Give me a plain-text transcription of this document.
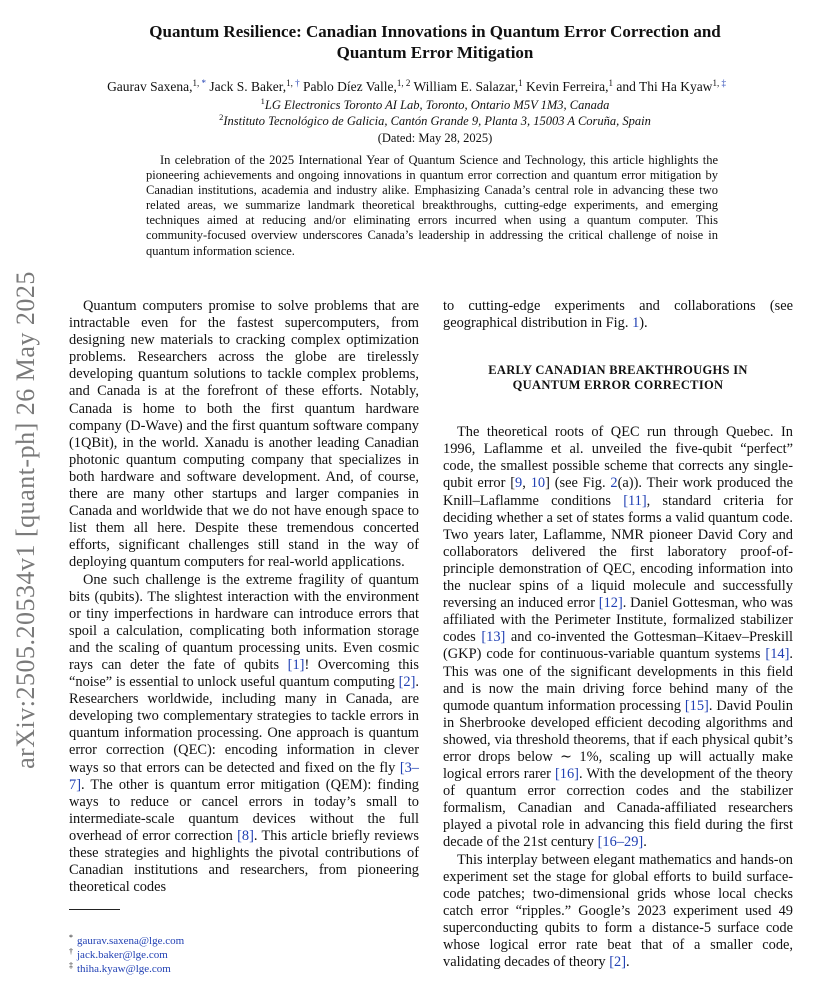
arXiv:2505.20534v1 [quant-ph] 26 May 2025
Quantum Resilience: Canadian Innovations in Quantum Error Correction and
Quantum Error Mitigation
Gaurav Saxena,$^{1, *}$ Jack S. Baker,$^{1, \dagger}$ Pablo Díez Valle,$^{1, 2}$ William E. Salazar,$^1$ Kevin Ferreira,$^1$ and Thi Ha Kyaw$^{1, \ddagger}$
$^1$LG Electronics Toronto AI Lab, Toronto, Ontario M5V 1M3, Canada
$^2$Instituto Tecnológico de Galicia, Cantón Grande 9, Planta 3, 15003 A Coruña, Spain
(Dated: May 28, 2025)
In celebration of the 2025 International Year of Quantum Science and Technology, this article highlights the pioneering achievements and ongoing innovations in quantum error correction and quantum error mitigation by Canadian institutions, academia and industry alike. Emphasizing Canada’s central role in advancing these two related areas, we summarize landmark theoretical breakthroughs, cutting-edge experiments, and emerging techniques aimed at reducing and/or eliminating errors incurred when using a quantum computer. This community-focused overview underscores Canada’s leadership in addressing the critical challenge of noise in quantum information science.

Quantum computers promise to solve problems that are intractable even for the fastest supercomputers, from designing new materials to cracking complex optimization problems. Researchers across the globe are tirelessly developing quantum solutions to tackle complex problems, and Canada is at the forefront of these efforts. Notably, Canada is home to both the first quantum hardware company (D-Wave) and the first quantum software company (1QBit), in the world. Xanadu is another leading Canadian photonic quantum computing company that specializes in both hardware and software development. And, of course, there are many other startups and larger companies in Canada and worldwide that we do not have enough space to list them all here. Despite these tremendous concerted efforts, significant challenges still stand in the way of deploying quantum computers for real-world applications.

One such challenge is the extreme fragility of quantum bits (qubits). The slightest interaction with the environment or tiny imperfections in hardware can introduce errors that spoil a calculation, complicating both information storage and the scaling of quantum processing units. Even cosmic rays can deter the fate of qubits [1]! Overcoming this “noise” is essential to unlock useful quantum computing [2]. Researchers worldwide, including many in Canada, are developing two complementary strategies to tackle errors in quantum information processing. One approach is quantum error correction (QEC): encoding information in clever ways so that errors can be detected and fixed on the fly [3–7]. The other is quantum error mitigation (QEM): finding ways to reduce or cancel errors in today’s small to intermediate-scale quantum devices without the full overhead of error correction [8]. This article briefly reviews these strategies and highlights the pivotal contributions of Canadian institutions and researchers, from pioneering theoretical codes

to cutting-edge experiments and collaborations (see geographical distribution in Fig. 1).

EARLY CANADIAN BREAKTHROUGHS IN
QUANTUM ERROR CORRECTION

The theoretical roots of QEC run through Quebec. In 1996, Laflamme et al. unveiled the five-qubit “perfect” code, the smallest possible scheme that corrects any single-qubit error [9, 10] (see Fig. 2(a)). Their work produced the Knill–Laflamme conditions [11], standard criteria for deciding whether a set of states forms a valid quantum code. Two years later, Laflamme, NMR pioneer David Cory and collaborators delivered the first laboratory proof-of-principle demonstration of QEC, encoding information into the nuclear spins of a liquid molecule and successfully reversing an induced error [12]. Daniel Gottesman, who was affiliated with the Perimeter Institute, formalized stabilizer codes [13] and co-invented the Gottesman–Kitaev–Preskill (GKP) code for continuous-variable quantum systems [14]. This was one of the significant developments in this field and is now the main driving force behind many of the qumode quantum information processing [15]. David Poulin in Sherbrooke developed efficient decoding algorithms and showed, via threshold theorems, that if each physical qubit’s error drops below ∼ 1%, scaling up will actually make logical errors rarer [16]. With the development of the theory of quantum error correction codes and the stabilizer formalism, Canadian and Canada-affiliated researchers played a pivotal role in advancing this field during the first decade of the 21st century [16–29].

This interplay between elegant mathematics and hands-on experiment set the stage for global efforts to build surface-code patches; two-dimensional grids whose local checks catch error “ripples.” Google’s 2023 experiment used 49 superconducting qubits to form a distance-5 surface code whose logical error rate beat that of a smaller code, validating decades of theory [2].

* gaurav.saxena@lge.com
† jack.baker@lge.com
‡ thiha.kyaw@lge.com
